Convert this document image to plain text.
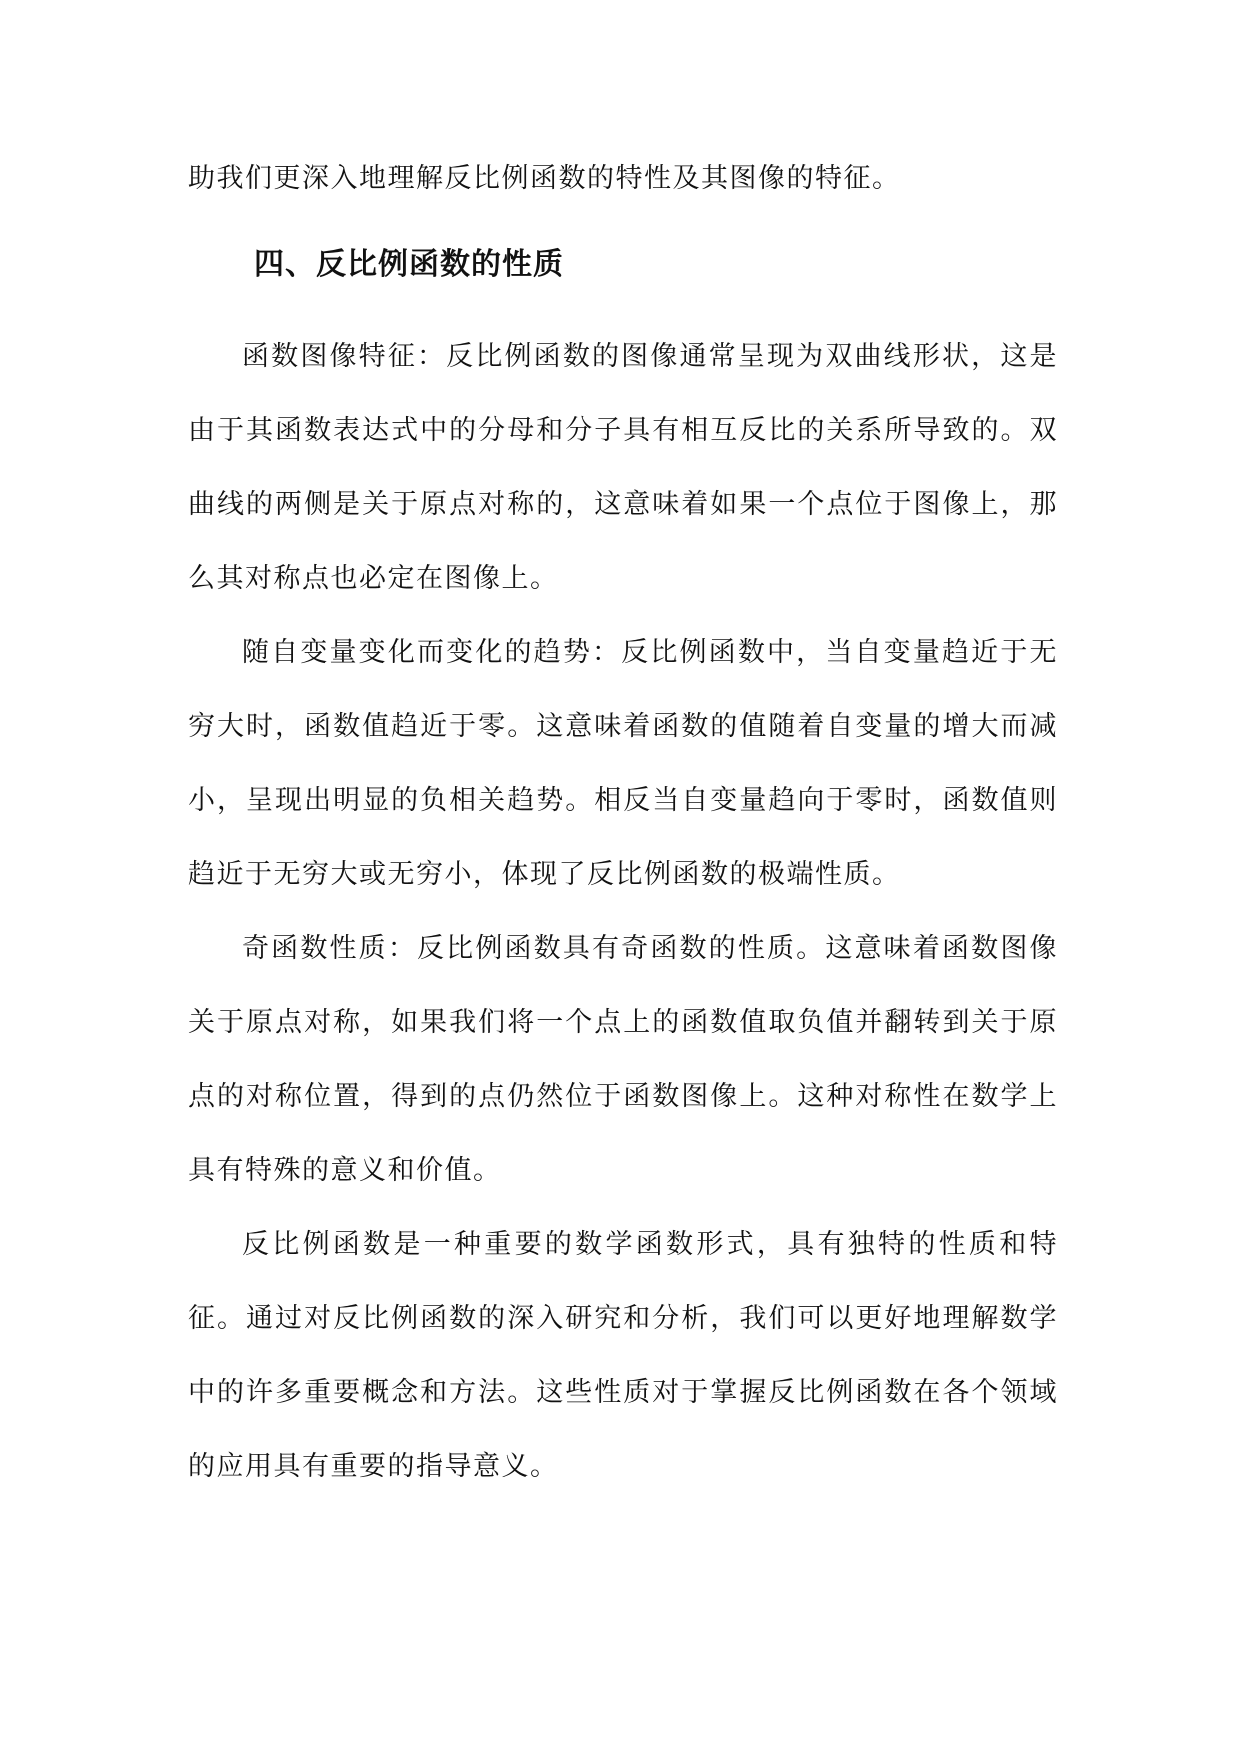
助我们更深入地理解反比例函数的特性及其图像的特征。

四、反比例函数的性质

函数图像特征：反比例函数的图像通常呈现为双曲线形状，这是由于其函数表达式中的分母和分子具有相互反比的关系所导致的。双曲线的两侧是关于原点对称的，这意味着如果一个点位于图像上，那么其对称点也必定在图像上。

随自变量变化而变化的趋势：反比例函数中，当自变量趋近于无穷大时，函数值趋近于零。这意味着函数的值随着自变量的增大而减小，呈现出明显的负相关趋势。相反当自变量趋向于零时，函数值则趋近于无穷大或无穷小，体现了反比例函数的极端性质。

奇函数性质：反比例函数具有奇函数的性质。这意味着函数图像关于原点对称，如果我们将一个点上的函数值取负值并翻转到关于原点的对称位置，得到的点仍然位于函数图像上。这种对称性在数学上具有特殊的意义和价值。

反比例函数是一种重要的数学函数形式，具有独特的性质和特征。通过对反比例函数的深入研究和分析，我们可以更好地理解数学中的许多重要概念和方法。这些性质对于掌握反比例函数在各个领域的应用具有重要的指导意义。
